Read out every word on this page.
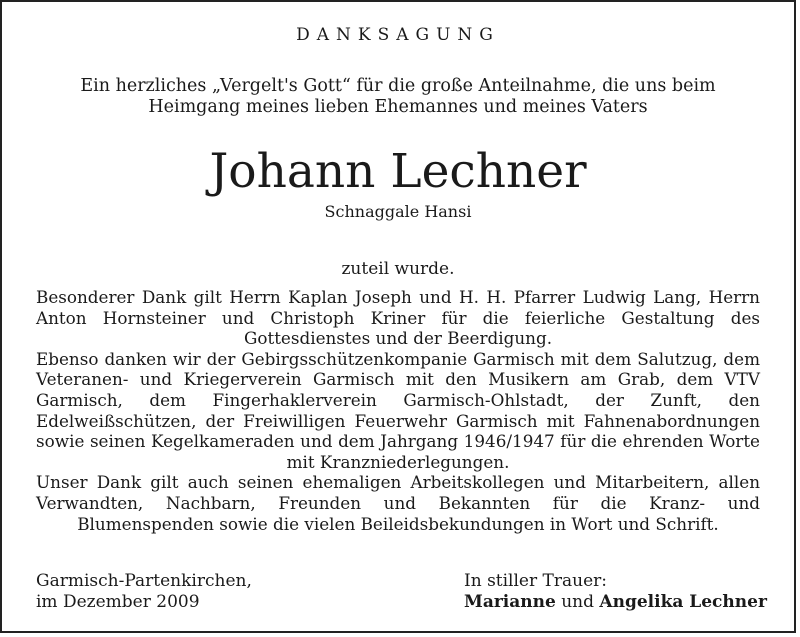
DANKSAGUNG
Ein herzliches „Vergelt's Gott“ für die große Anteilnahme, die uns beim
Heimgang meines lieben Ehemannes und meines Vaters
Johann Lechner
Schnaggale Hansi
zuteil wurde.

Besonderer Dank gilt Herrn Kaplan Joseph und H. H. Pfarrer Ludwig Lang, Herrn Anton Hornsteiner und Christoph Kriner für die feierliche Gestaltung des Gottesdienstes und der Beerdigung.

Ebenso danken wir der Gebirgsschützenkompanie Garmisch mit dem Salutzug, dem Veteranen- und Kriegerverein Garmisch mit den Musikern am Grab, dem VTV Garmisch, dem Fingerhaklerverein Garmisch-Ohlstadt, der Zunft, den Edelweißschützen, der Freiwilligen Feuerwehr Garmisch mit Fahnenabordnungen sowie seinen Kegelkameraden und dem Jahrgang 1946/1947 für die ehrenden Worte mit Kranzniederlegungen.

Unser Dank gilt auch seinen ehemaligen Arbeitskollegen und Mitarbeitern, allen Verwandten, Nachbarn, Freunden und Bekannten für die Kranz- und Blumenspenden sowie die vielen Beileidsbekundungen in Wort und Schrift.

Garmisch-Partenkirchen,
im Dezember 2009
In stiller Trauer:
Marianne und Angelika Lechner
